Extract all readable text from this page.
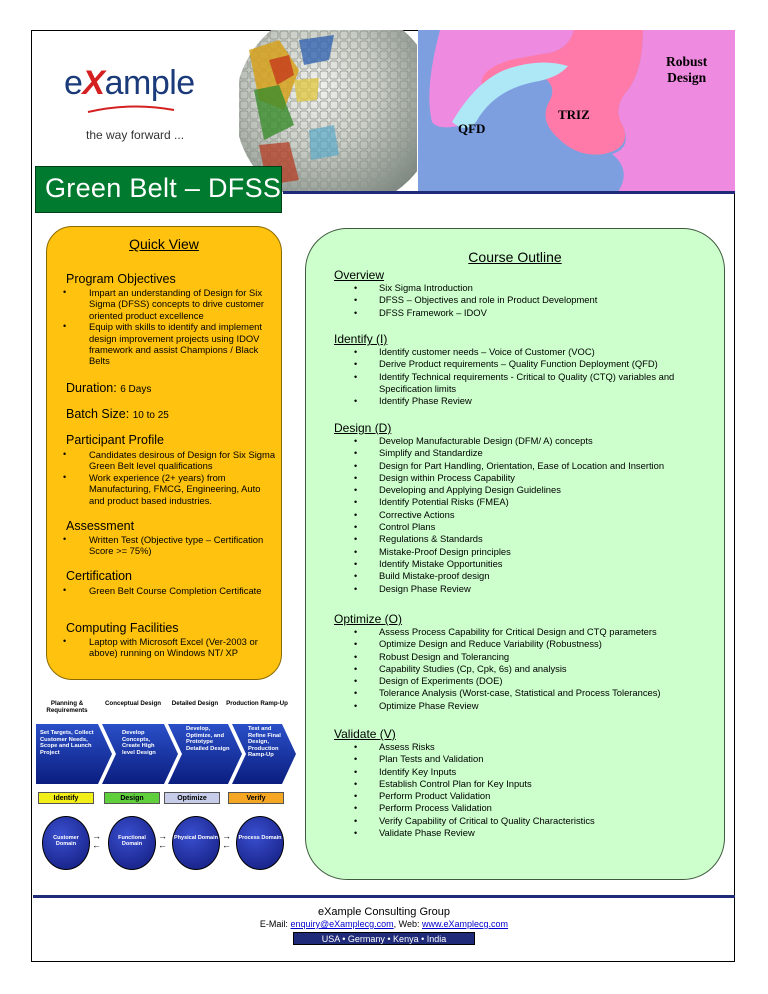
eXample
the way forward ...	QFD
TRIZ
Robust
Design
Green Belt – DFSS
Quick View
Program Objectives
• Impart an understanding of Design for Six Sigma (DFSS) concepts to drive customer oriented product excellence
• Equip with skills to identify and implement design improvement projects using IDOV framework and assist Champions / Black Belts
Duration: 6 Days
Batch Size: 10 to 25
Participant Profile
• Candidates desirous of Design for Six Sigma Green Belt level qualifications
• Work experience (2+ years) from Manufacturing, FMCG, Engineering, Auto and product based industries.
Assessment
• Written Test (Objective type – Certification Score >= 75%)
Certification
• Green Belt Course Completion Certificate
Computing Facilities
• Laptop with Microsoft Excel (Ver-2003 or above) running on Windows NT/ XP
Course Outline
Overview
• Six Sigma Introduction
• DFSS – Objectives and role in Product Development
• DFSS Framework – IDOV
Identify (I)
• Identify customer needs – Voice of Customer (VOC)
• Derive Product requirements – Quality Function Deployment (QFD)
• Identify Technical requirements - Critical to Quality (CTQ) variables and Specification limits
• Identify Phase Review
Design (D)
• Develop Manufacturable Design (DFM/ A) concepts
• Simplify and Standardize
• Design for Part Handling, Orientation, Ease of Location and Insertion
• Design within Process Capability
• Developing and Applying Design Guidelines
• Identify Potential Risks (FMEA)
• Corrective Actions
• Control Plans
• Regulations & Standards
• Mistake-Proof Design principles
• Identify Mistake Opportunities
• Build Mistake-proof design
• Design Phase Review
Optimize (O)
• Assess Process Capability for Critical Design and CTQ parameters
• Optimize Design and Reduce Variability (Robustness)
• Robust Design and Tolerancing
• Capability Studies (Cp, Cpk, 6s) and analysis
• Design of Experiments (DOE)
• Tolerance Analysis (Worst-case, Statistical and Process Tolerances)
• Optimize Phase Review
Validate (V)
• Assess Risks
• Plan Tests and Validation
• Identify Key Inputs
• Establish Control Plan for Key Inputs
• Perform Product Validation
• Perform Process Validation
• Verify Capability of Critical to Quality Characteristics
• Validate Phase Review
Planning & Requirements
Conceptual Design	Detailed Design	Production Ramp-Up
Set Targets, Collect Customer Needs, Scope and Launch Project
Develop Concepts, Create High level Design
Develop, Optimize, and Prototype Detailed Design
Test and Refine Final Design, Production Ramp-Up
Identify	Design	Optimize	Verify
Customer Domain
→
←
Functional Domain
→
←
Physical Domain →
←
Process Domain
eXample Consulting Group
E-Mail: enquiry@eXamplecg.com, Web: www.eXamplecg.com
USA • Germany • Kenya • India
